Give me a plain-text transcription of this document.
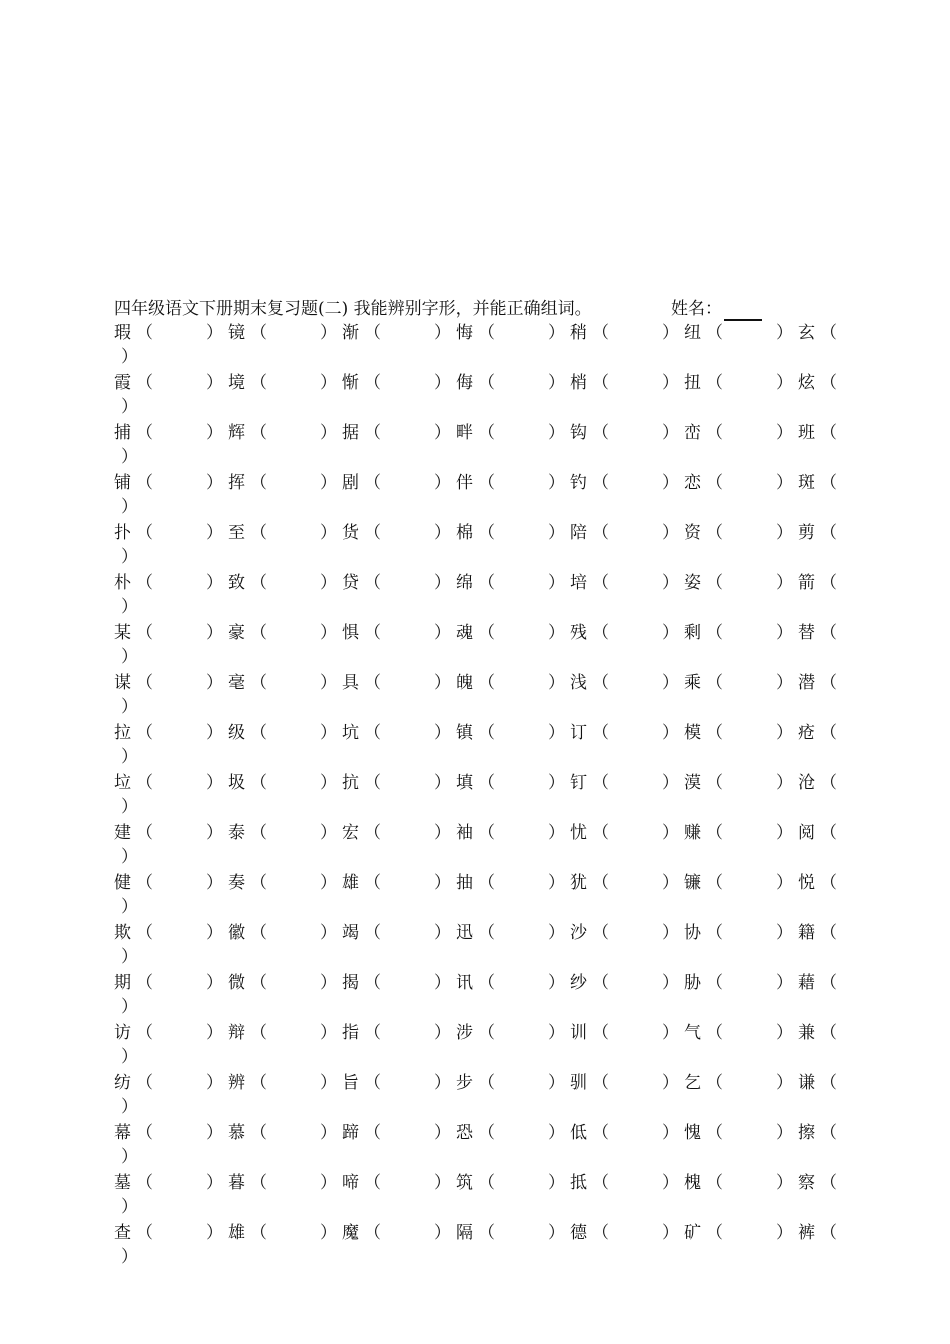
四年级语文下册期末复习题(二) 我能辨别字形，并能正确组词。	姓名：
瑕 （	） 镜 （	） 渐 （	） 悔 （	） 稍 （	） 纽 （	） 玄 （
）
霞 （	） 境 （	） 惭 （	） 侮 （	） 梢 （	） 扭 （	） 炫 （
）
捕 （	） 辉 （	） 据 （	） 畔 （	） 钩 （	） 峦 （	） 班 （
）
铺 （	） 挥 （	） 剧 （	） 伴 （	） 钓 （	） 恋 （	） 斑 （
）
扑 （	） 至 （	） 货 （	） 棉 （	） 陪 （	） 资 （	） 剪 （
）
朴 （	） 致 （	） 贷 （	） 绵 （	） 培 （	） 姿 （	） 箭 （
）
某 （	） 豪 （	） 惧 （	） 魂 （	） 残 （	） 剩 （	） 替 （
）
谋 （	） 毫 （	） 具 （	） 魄 （	） 浅 （	） 乘 （	） 潜 （
）
拉 （	） 级 （	） 坑 （	） 镇 （	） 订 （	） 模 （	） 疮 （
）
垃 （	） 圾 （	） 抗 （	） 填 （	） 钉 （	） 漠 （	） 沧 （
）
建 （	） 泰 （	） 宏 （	） 袖 （	） 忧 （	） 赚 （	） 阅 （
）
健 （	） 奏 （	） 雄 （	） 抽 （	） 犹 （	） 镰 （	） 悦 （
）
欺 （	） 徽 （	） 竭 （	） 迅 （	） 沙 （	） 协 （	） 籍 （
）
期 （	） 微 （	） 揭 （	） 讯 （	） 纱 （	） 胁 （	） 藉 （
）
访 （	） 辩 （	） 指 （	） 涉 （	） 训 （	） 气 （	） 兼 （
）
纺 （	） 辨 （	） 旨 （	） 步 （	） 驯 （	） 乞 （	） 谦 （
）
幕 （	） 慕 （	） 蹄 （	） 恐 （	） 低 （	） 愧 （	） 擦 （
）
墓 （	） 暮 （	） 啼 （	） 筑 （	） 抵 （	） 槐 （	） 察 （
）
查 （	） 雄 （	） 魔 （	） 隔 （	） 德 （	） 矿 （	） 裤 （
）
